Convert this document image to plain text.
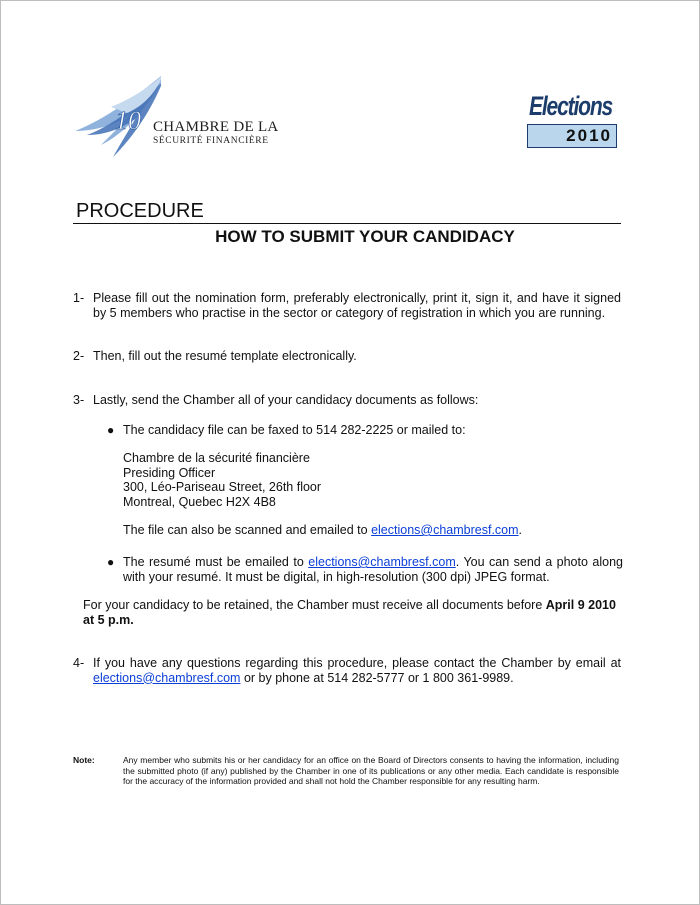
10 CHAMBRE DE LA
SÉCURITÉ FINANCIÈRE
Elections
2010
PROCEDURE
HOW TO SUBMIT YOUR CANDIDACY
1- Please fill out the nomination form, preferably electronically, print it, sign it, and have it signed by 5 members who practise in the sector or category of registration in which you are running.
2- Then, fill out the resumé template electronically.
3- Lastly, send the Chamber all of your candidacy documents as follows:
● The candidacy file can be faxed to 514 282-2225 or mailed to:
Chambre de la sécurité financière
Presiding Officer
300, Léo-Pariseau Street, 26th floor
Montreal, Quebec H2X 4B8
The file can also be scanned and emailed to elections@chambresf.com.
● The resumé must be emailed to elections@chambresf.com. You can send a photo along with your resumé. It must be digital, in high-resolution (300 dpi) JPEG format.
For your candidacy to be retained, the Chamber must receive all documents before April 9 2010 at 5 p.m.
4- If you have any questions regarding this procedure, please contact the Chamber by email at elections@chambresf.com or by phone at 514 282-5777 or 1 800 361-9989.
Note:	Any member who submits his or her candidacy for an office on the Board of Directors consents to having the information, including the submitted photo (if any) published by the Chamber in one of its publications or any other media. Each candidate is responsible for the accuracy of the information provided and shall not hold the Chamber responsible for any resulting harm.
